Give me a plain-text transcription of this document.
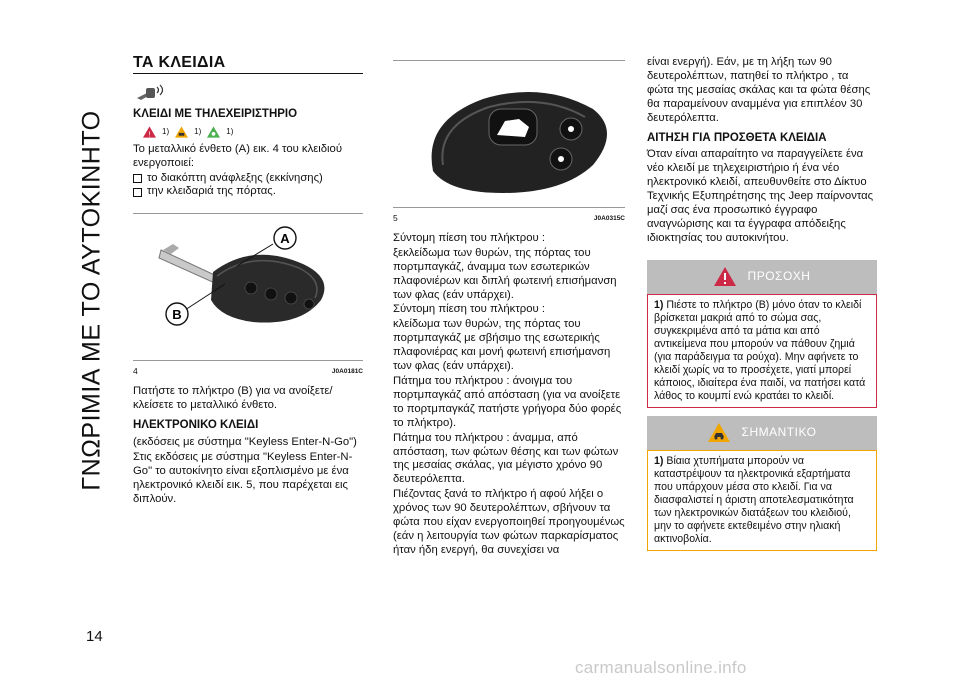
ΓΝΩΡΙΜΙΑ ΜΕ ΤΟ ΑΥΤΟΚΙΝΗΤΟ
14
carmanualsonline.info
ΤΑ ΚΛΕΙΔΙΑ
ΚΛΕΙΔΙ ΜΕ ΤΗΛΕΧΕΙΡΙΣΤΗΡΙΟ
! 1)	1)	1)

Το μεταλλικό ένθετο (A) εικ. 4 του κλειδιού ενεργοποιεί:

το διακόπτη ανάφλεξης (εκκίνησης)
την κλειδαριά της πόρτας.
A
B
4	J0A0181C

Πατήστε το πλήκτρο (B) για να ανοίξετε/κλείσετε το μεταλλικό ένθετο.

ΗΛΕΚΤΡΟΝΙΚΟ ΚΛΕΙΔΙ

(εκδόσεις με σύστημα "Keyless Enter-N-Go")

Στις εκδόσεις με σύστημα "Keyless Enter-N-Go" το αυτοκίνητο είναι εξοπλισμένο με ένα ηλεκτρονικό κλειδί εικ. 5, που παρέχεται εις διπλούν.

5	J0A0315C

Σύντομη πίεση του πλήκτρου :

ξεκλείδωμα των θυρών, της πόρτας του πορτμπαγκάζ, άναμμα των εσωτερικών πλαφονιέρων και διπλή φωτεινή επισήμανση των φλας (εάν υπάρχει).

Σύντομη πίεση του πλήκτρου :

κλείδωμα των θυρών, της πόρτας του πορτμπαγκάζ με σβήσιμο της εσωτερικής πλαφονιέρας και μονή φωτεινή επισήμανση των φλας (εάν υπάρχει).

Πάτημα του πλήκτρου : άνοιγμα του πορτμπαγκάζ από απόσταση (για να ανοίξετε το πορτμπαγκάζ πατήστε γρήγορα δύο φορές το πλήκτρο).

Πάτημα του πλήκτρου : άναμμα, από απόσταση, των φώτων θέσης και των φώτων της μεσαίας σκάλας, για μέγιστο χρόνο 90 δευτερόλεπτα.

Πιέζοντας ξανά το πλήκτρο ή αφού λήξει ο χρόνος των 90 δευτερολέπτων, σβήνουν τα φώτα που είχαν ενεργοποιηθεί προηγουμένως (εάν η λειτουργία των φώτων παρκαρίσματος ήταν ήδη ενεργή, θα συνεχίσει να

είναι ενεργή). Εάν, με τη λήξη των 90 δευτερολέπτων, πατηθεί το πλήκτρο , τα φώτα της μεσαίας σκάλας και τα φώτα θέσης θα παραμείνουν αναμμένα για επιπλέον 30 δευτερόλεπτα.

ΑΙΤΗΣΗ ΓΙΑ ΠΡΟΣΘΕΤΑ ΚΛΕΙΔΙΑ

Όταν είναι απαραίτητο να παραγγείλετε ένα νέο κλειδί με τηλεχειριστήριο ή ένα νέο ηλεκτρονικό κλειδί, απευθυνθείτε στο Δίκτυο Τεχνικής Εξυπηρέτησης της Jeep παίρνοντας μαζί σας ένα προσωπικό έγγραφο αναγνώρισης και τα έγγραφα απόδειξης ιδιοκτησίας του αυτοκινήτου.

ΠΡΟΣΟΧΗ
1) Πιέστε το πλήκτρο (B) μόνο όταν το κλειδί βρίσκεται μακριά από το σώμα σας, συγκεκριμένα από τα μάτια και από αντικείμενα που μπορούν να πάθουν ζημιά (για παράδειγμα τα ρούχα). Μην αφήνετε το κλειδί χωρίς να το προσέχετε, γιατί μπορεί κάποιος, ιδιαίτερα ένα παιδί, να πατήσει κατά λάθος το κουμπί ενώ κρατάει το κλειδί.
ΣΗΜΑΝΤΙΚΟ
1) Βίαια χτυπήματα μπορούν να καταστρέψουν τα ηλεκτρονικά εξαρτήματα που υπάρχουν μέσα στο κλειδί. Για να διασφαλιστεί η άριστη αποτελεσματικότητα των ηλεκτρονικών διατάξεων του κλειδιού, μην το αφήνετε εκτεθειμένο στην ηλιακή ακτινοβολία.
